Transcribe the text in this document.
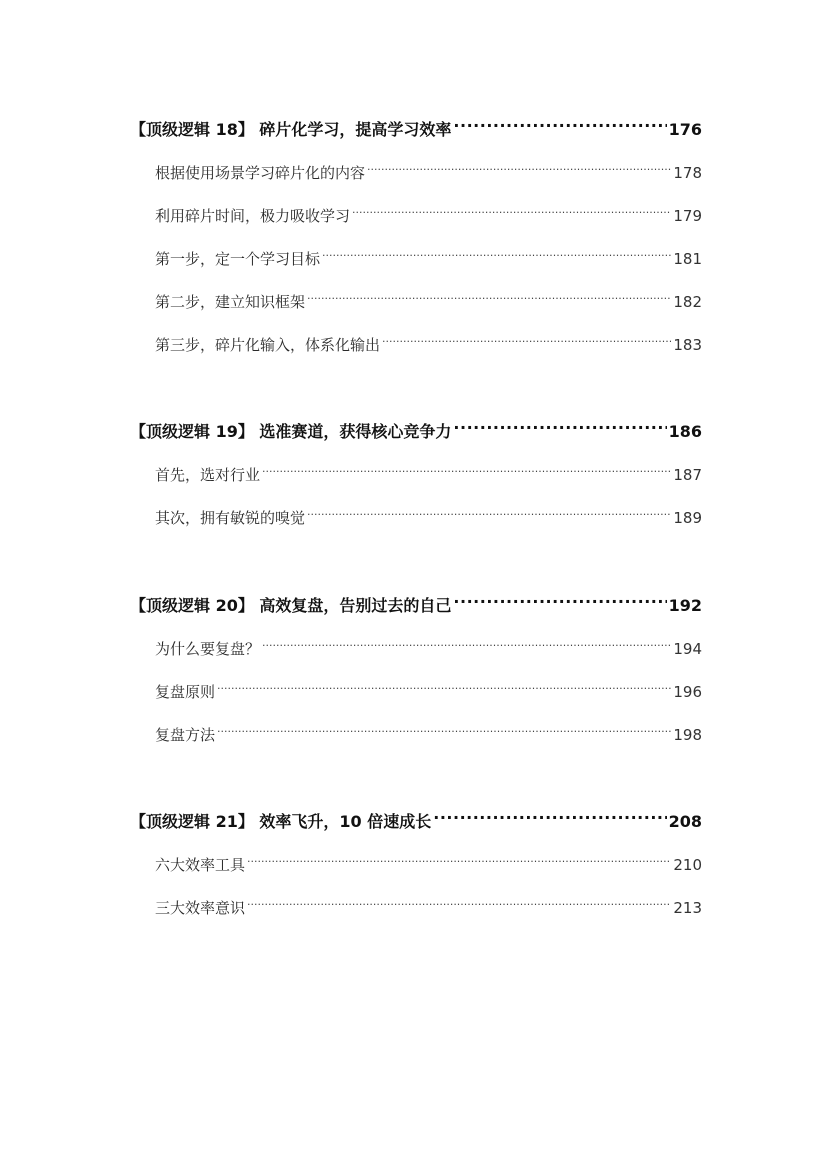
【顶级逻辑 18】 碎片化学习，提高学习效率 .....	176
根据使用场景学习碎片化的内容 .....	178
利用碎片时间，极力吸收学习 .....	179
第一步，定一个学习目标 .....	181
第二步，建立知识框架 .....	182
第三步，碎片化输入，体系化输出 .....	183
【顶级逻辑 19】 选准赛道，获得核心竞争力 .....	186
首先，选对行业 .....	187
其次，拥有敏锐的嗅觉 .....	189
【顶级逻辑 20】 高效复盘，告别过去的自己 .....	192
为什么要复盘？ .....	194
复盘原则 .....	196
复盘方法 .....	198
【顶级逻辑 21】 效率飞升，10 倍速成长 .....	208
六大效率工具 .....	210
三大效率意识 .....	213
